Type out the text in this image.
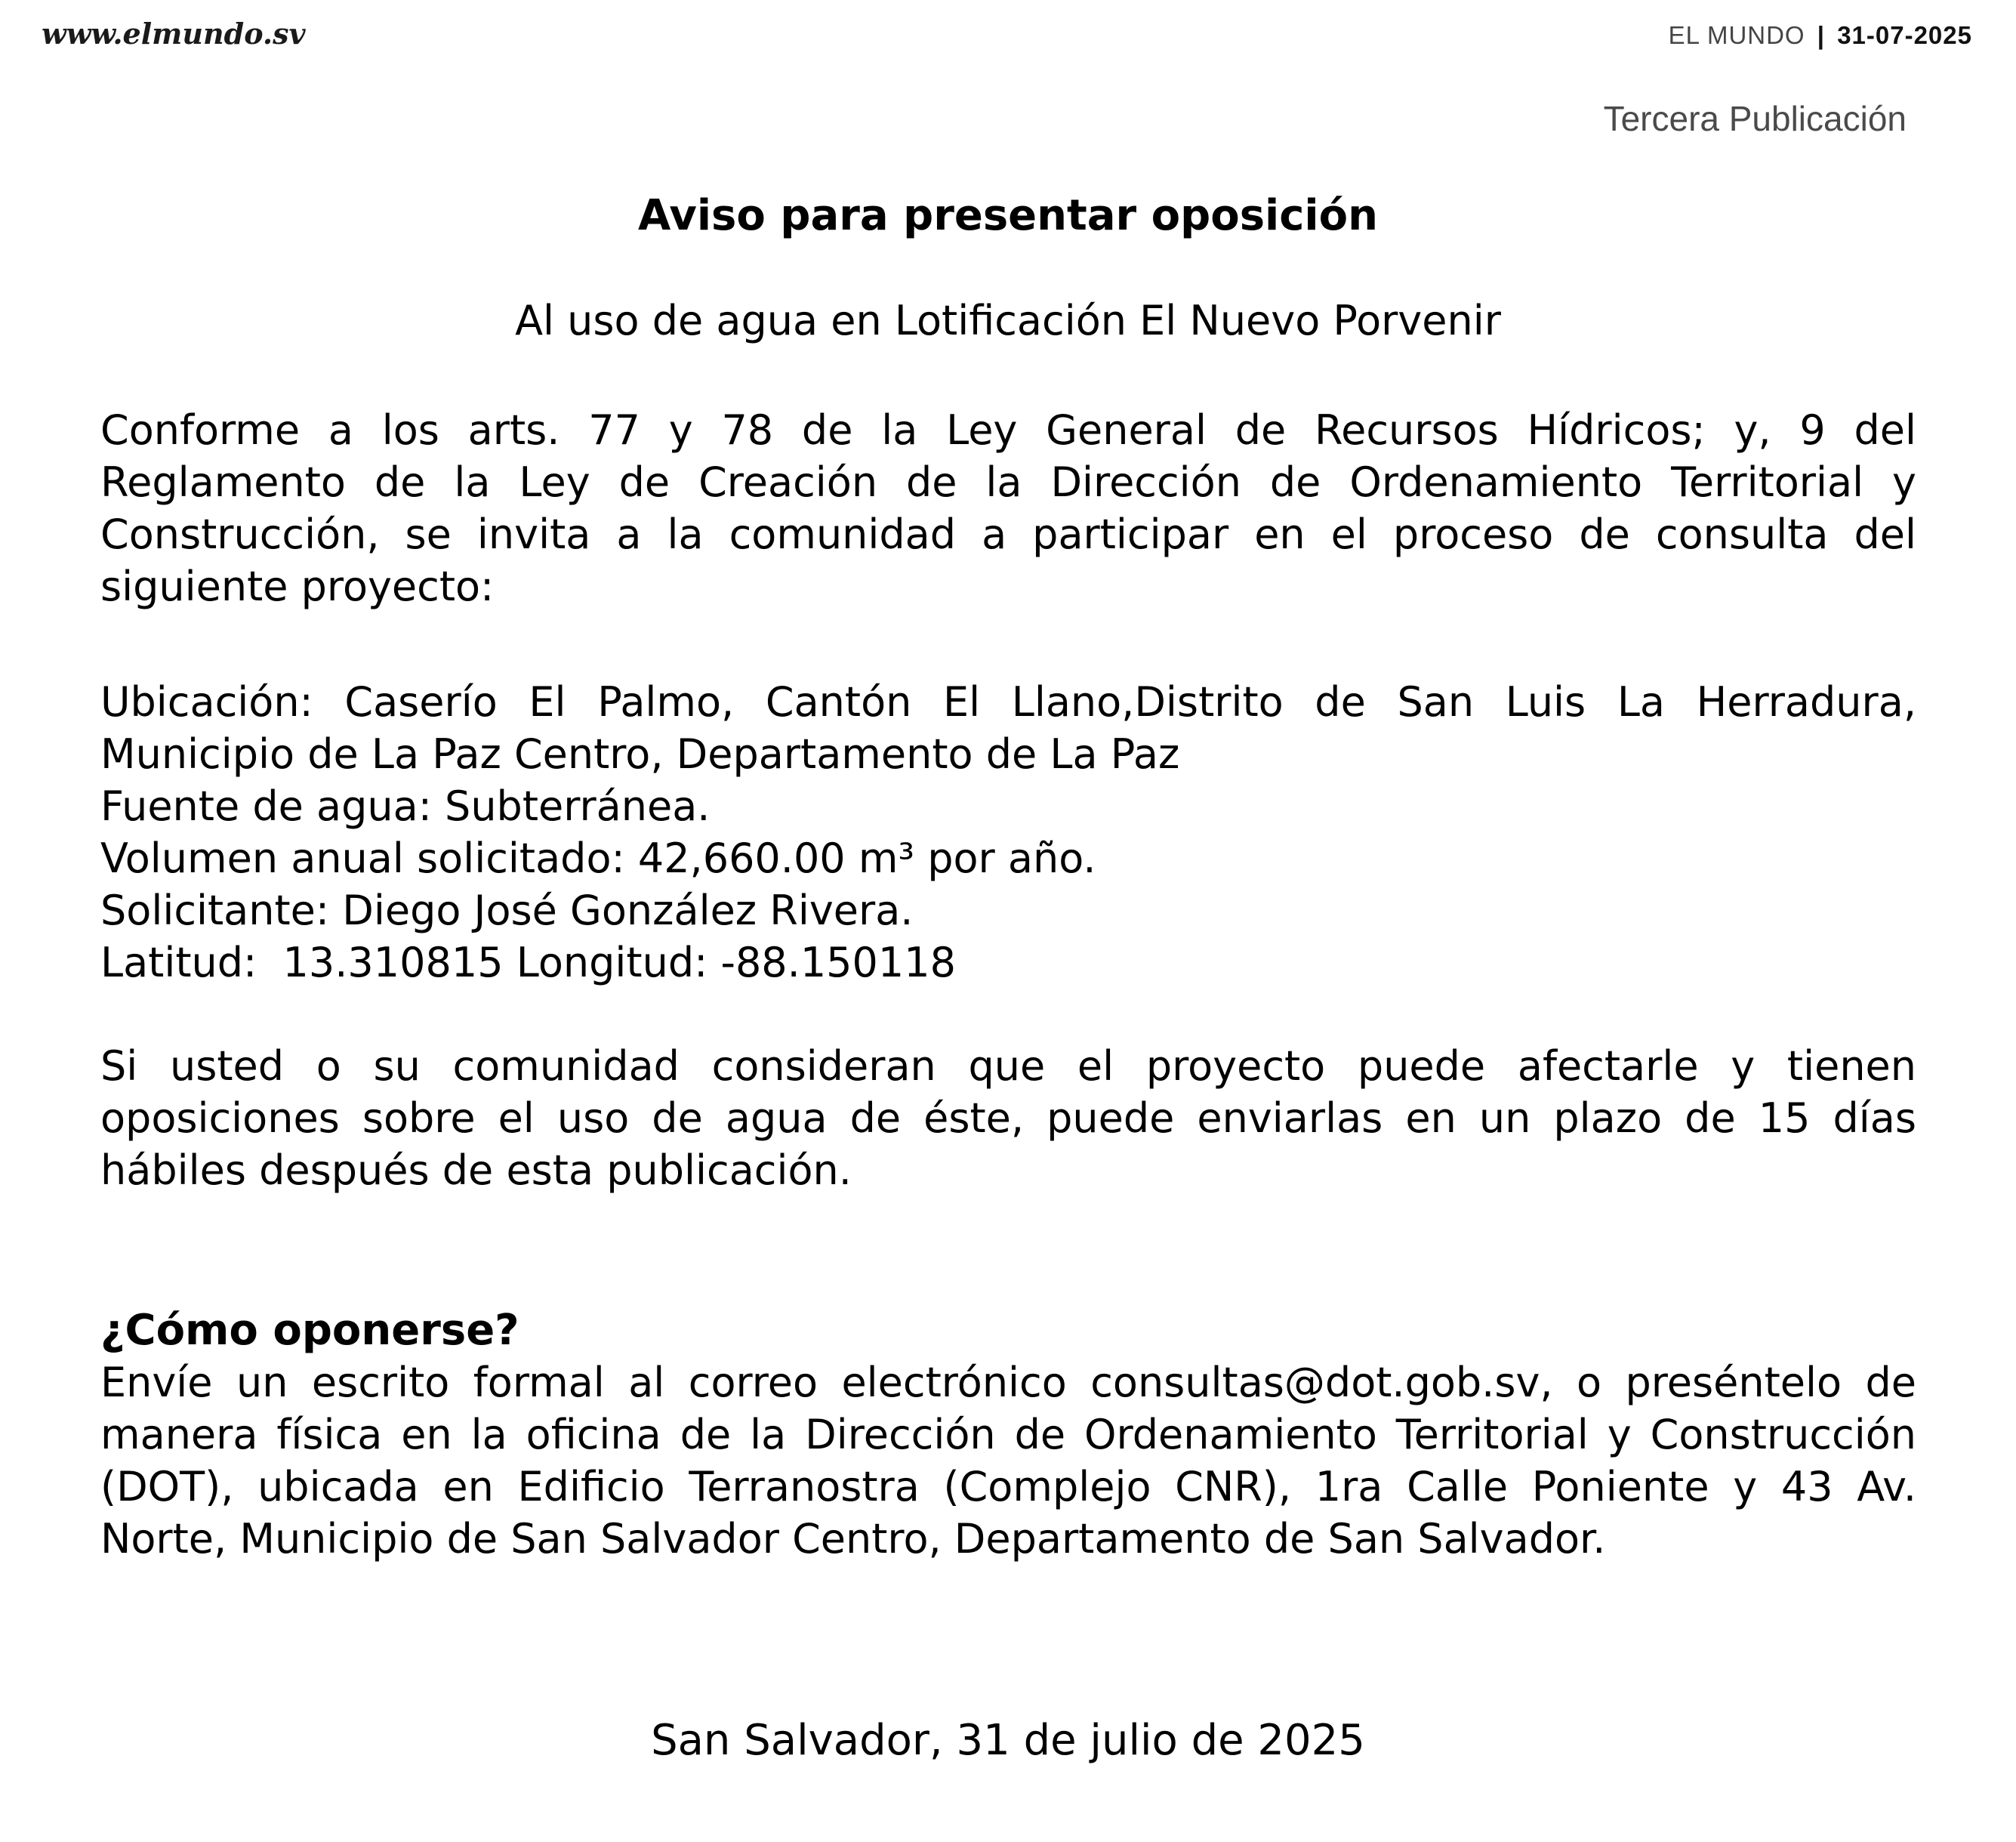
www.elmundo.sv	EL MUNDO | 31-07-2025
Tercera Publicación
Aviso para presentar oposición

Al uso de agua en Lotificación El Nuevo Porvenir

Conforme a los arts. 77 y 78 de la Ley General de Recursos Hídricos; y, 9 del Reglamento de la Ley de Creación de la Dirección de Ordenamiento Territorial y Construcción, se invita a la comunidad a participar en el proceso de consulta del siguiente proyecto:

Ubicación: Caserío El Palmo, Cantón El Llano,Distrito de San Luis La Herradura, Municipio de La Paz Centro, Departamento de La Paz
Fuente de agua: Subterránea.
Volumen anual solicitado: 42,660.00 m³ por año.
Solicitante: Diego José González Rivera.
Latitud:  13.310815 Longitud: -88.150118

Si usted o su comunidad consideran que el proyecto puede afectarle y tienen oposiciones sobre el uso de agua de éste, puede enviarlas en un plazo de 15 días hábiles después de esta publicación.

¿Cómo oponerse?

Envíe un escrito formal al correo electrónico consultas@dot.gob.sv, o preséntelo de manera física en la oficina de la Dirección de Ordenamiento Territorial y Construcción (DOT), ubicada en Edificio Terranostra (Complejo CNR), 1ra Calle Poniente y 43 Av. Norte, Municipio de San Salvador Centro, Departamento de San Salvador.

San Salvador, 31 de julio de 2025
